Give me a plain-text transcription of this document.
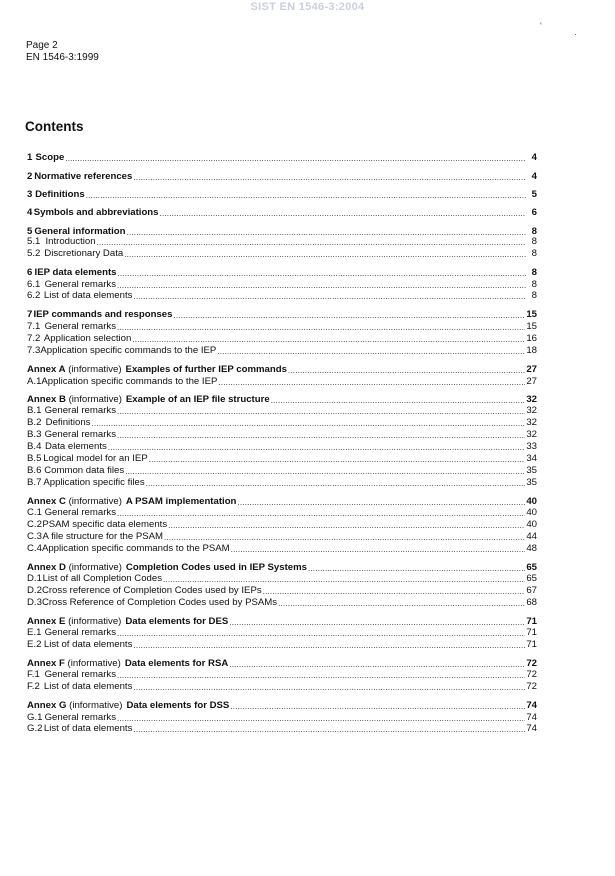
SIST EN 1546-3:2004
'
·
Page 2
EN 1546-3:1999
Contents
1 Scope .....	4
2 Normative references .....	4
3 Definitions .....	5
4 Symbols and abbreviations .....	6
5 General information .....	8
5.1 Introduction .....	8
5.2 Discretionary Data .....	8
6 IEP data elements .....	8
6.1 General remarks .....	8
6.2 List of data elements .....	8
7 IEP commands and responses .....	15
7.1 General remarks .....	15
7.2 Application selection .....	16
7.3 Application specific commands to the IEP .....	18
Annex A (informative) Examples of further IEP commands .....	27
A.1 Application specific commands to the IEP .....	27
Annex B (informative) Example of an IEP file structure .....	32
B.1 General remarks .....	32
B.2 Definitions .....	32
B.3 General remarks .....	32
B.4 Data elements .....	33
B.5 Logical model for an IEP .....	34
B.6 Common data files .....	35
B.7 Application specific files .....	35
Annex C (informative) A PSAM implementation .....	40
C.1 General remarks .....	40
C.2 PSAM specific data elements .....	40
C.3 A file structure for the PSAM .....	44
C.4 Application specific commands to the PSAM .....	48
Annex D (informative) Completion Codes used in IEP Systems .....	65
D.1 List of all Completion Codes .....	65
D.2 Cross reference of Completion Codes used by IEPs .....	67
D.3 Cross Reference of Completion Codes used by PSAMs .....	68
Annex E (informative) Data elements for DES .....	71
E.1 General remarks .....	71
E.2 List of data elements .....	71
Annex F (informative) Data elements for RSA .....	72
F.1 General remarks .....	72
F.2 List of data elements .....	72
Annex G (informative) Data elements for DSS .....	74
G.1 General remarks .....	74
G.2 List of data elements .....	74
